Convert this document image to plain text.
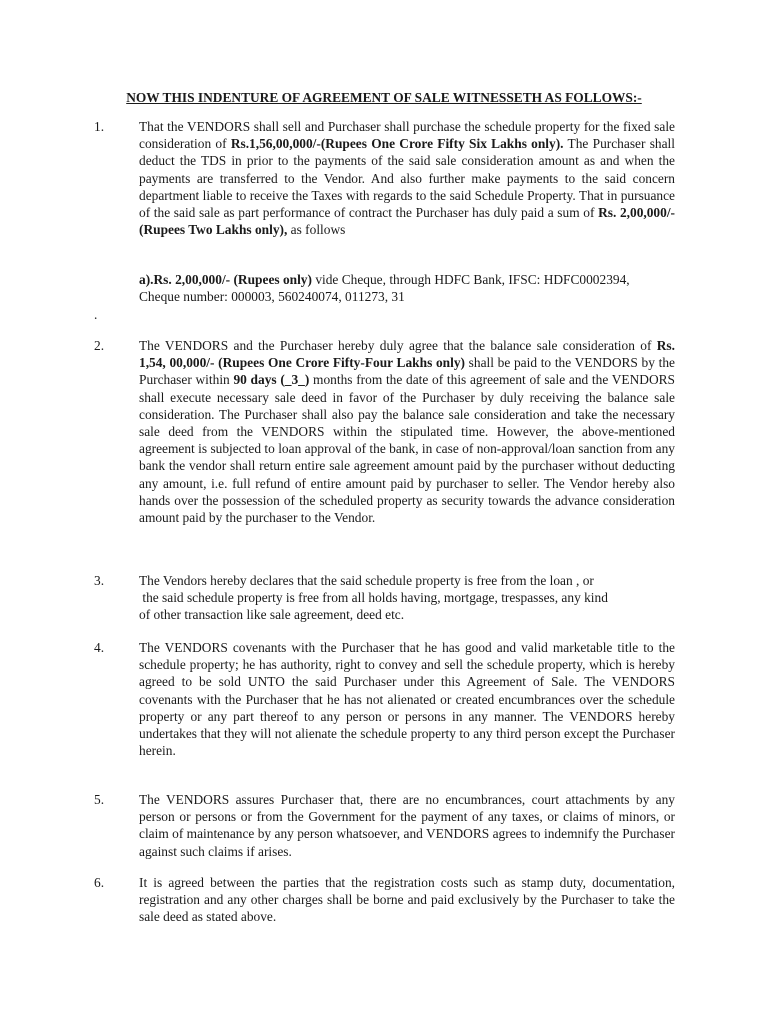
NOW THIS INDENTURE OF AGREEMENT OF SALE WITNESSETH AS FOLLOWS:-
1.	That the VENDORS shall sell and Purchaser shall purchase the schedule property for the fixed sale consideration of Rs.1,56,00,000/-(Rupees One Crore Fifty Six Lakhs only). The Purchaser shall deduct the TDS in prior to the payments of the said sale consideration amount as and when the payments are transferred to the Vendor. And also further make payments to the said concern department liable to receive the Taxes with regards to the said Schedule Property. That in pursuance of the said sale as part performance of contract the Purchaser has duly paid a sum of Rs. 2,00,000/- (Rupees Two Lakhs only), as follows
a).Rs. 2,00,000/- (Rupees only) vide Cheque, through HDFC Bank, IFSC: HDFC0002394, Cheque number: 000003, 560240074, 011273, 31
.
2.	The VENDORS and the Purchaser hereby duly agree that the balance sale consideration of Rs. 1,54, 00,000/- (Rupees One Crore Fifty-Four Lakhs only) shall be paid to the VENDORS by the Purchaser within 90 days (_3_) months from the date of this agreement of sale and the VENDORS shall execute necessary sale deed in favor of the Purchaser by duly receiving the balance sale consideration. The Purchaser shall also pay the balance sale consideration and take the necessary sale deed from the VENDORS within the stipulated time. However, the above-mentioned agreement is subjected to loan approval of the bank, in case of non-approval/loan sanction from any bank the vendor shall return entire sale agreement amount paid by the purchaser without deducting any amount, i.e. full refund of entire amount paid by purchaser to seller. The Vendor hereby also hands over the possession of the scheduled property as security towards the advance consideration amount paid by the purchaser to the Vendor.
3.	The Vendors hereby declares that the said schedule property is free from the loan , or
the said schedule property is free from all holds having, mortgage, trespasses, any kind
of other transaction like sale agreement, deed etc.
4.	The VENDORS covenants with the Purchaser that he has good and valid marketable title to the schedule property; he has authority, right to convey and sell the schedule property, which is hereby agreed to be sold UNTO the said Purchaser under this Agreement of Sale. The VENDORS covenants with the Purchaser that he has not alienated or created encumbrances over the schedule property or any part thereof to any person or persons in any manner. The VENDORS hereby undertakes that they will not alienate the schedule property to any third person except the Purchaser herein.
5.	The VENDORS assures Purchaser that, there are no encumbrances, court attachments by any person or persons or from the Government for the payment of any taxes, or claims of minors, or claim of maintenance by any person whatsoever, and VENDORS agrees to indemnify the Purchaser against such claims if arises.
6.	It is agreed between the parties that the registration costs such as stamp duty, documentation, registration and any other charges shall be borne and paid exclusively by the Purchaser to take the sale deed as stated above.
